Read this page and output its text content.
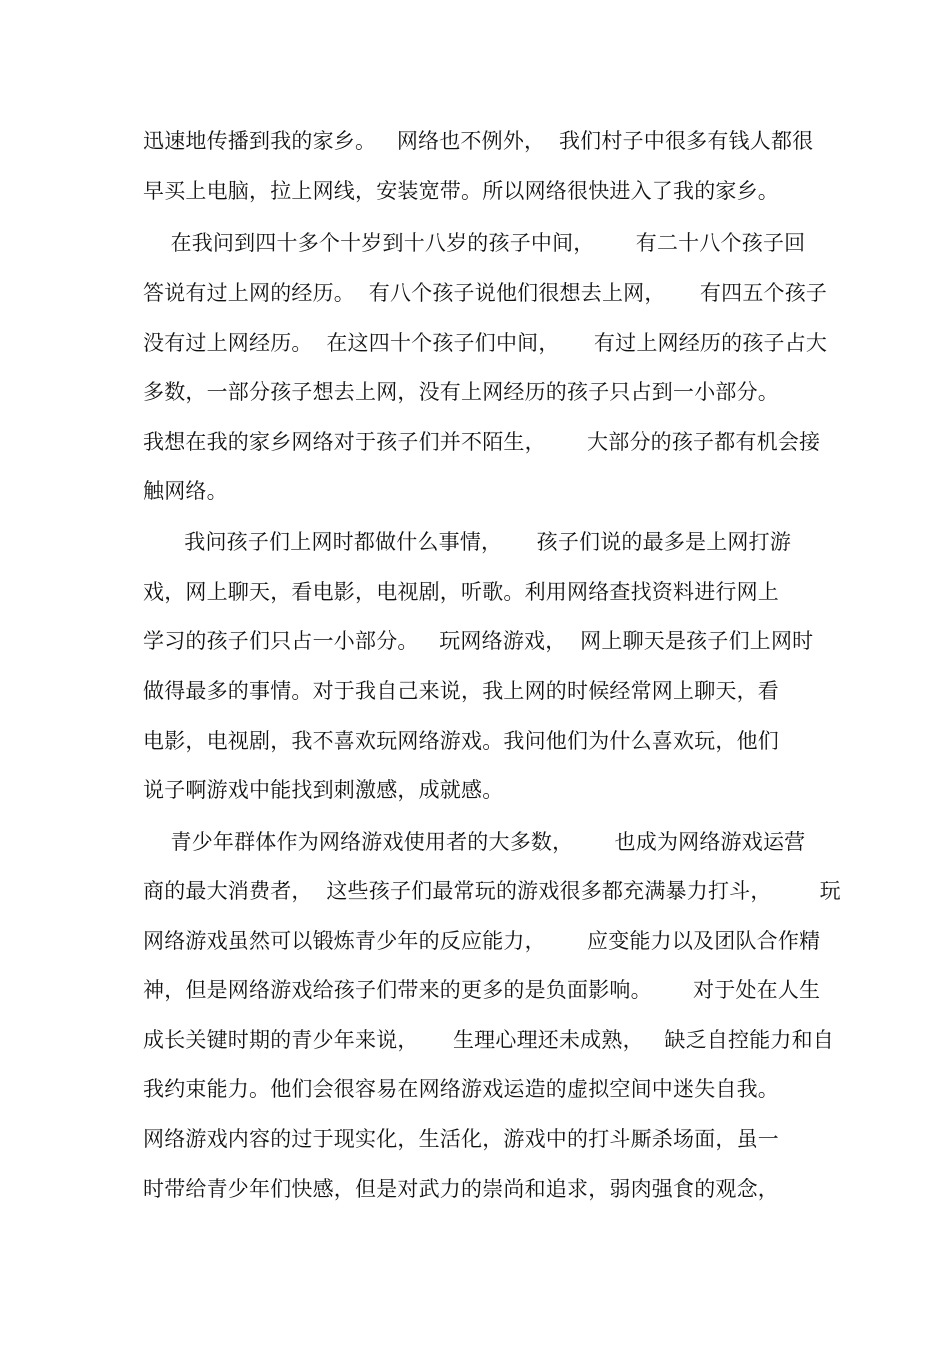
迅速地传播到我的家乡。   网络也不例外，  我们村子中很多有钱人都很
早买上电脑，拉上网线，安装宽带。所以网络很快进入了我的家乡。
在我问到四十多个十岁到十八岁的孩子中间，      有二十八个孩子回
答说有过上网的经历。  有八个孩子说他们很想去上网，     有四五个孩子
没有过上网经历。  在这四十个孩子们中间，     有过上网经历的孩子占大
多数，一部分孩子想去上网，没有上网经历的孩子只占到一小部分。
我想在我的家乡网络对于孩子们并不陌生，      大部分的孩子都有机会接
触网络。
我问孩子们上网时都做什么事情，     孩子们说的最多是上网打游
戏，网上聊天，看电影，电视剧，听歌。利用网络查找资料进行网上
学习的孩子们只占一小部分。   玩网络游戏，  网上聊天是孩子们上网时
做得最多的事情。对于我自己来说，我上网的时候经常网上聊天，看
电影，电视剧，我不喜欢玩网络游戏。我问他们为什么喜欢玩，他们
说子啊游戏中能找到刺激感，成就感。
青少年群体作为网络游戏使用者的大多数，      也成为网络游戏运营
商的最大消费者，  这些孩子们最常玩的游戏很多都充满暴力打斗，       玩
网络游戏虽然可以锻炼青少年的反应能力，      应变能力以及团队合作精
神，但是网络游戏给孩子们带来的更多的是负面影响。      对于处在人生
成长关键时期的青少年来说，     生理心理还未成熟，   缺乏自控能力和自
我约束能力。他们会很容易在网络游戏运造的虚拟空间中迷失自我。
网络游戏内容的过于现实化，生活化，游戏中的打斗厮杀场面，虽一
时带给青少年们快感，但是对武力的崇尚和追求，弱肉强食的观念，
